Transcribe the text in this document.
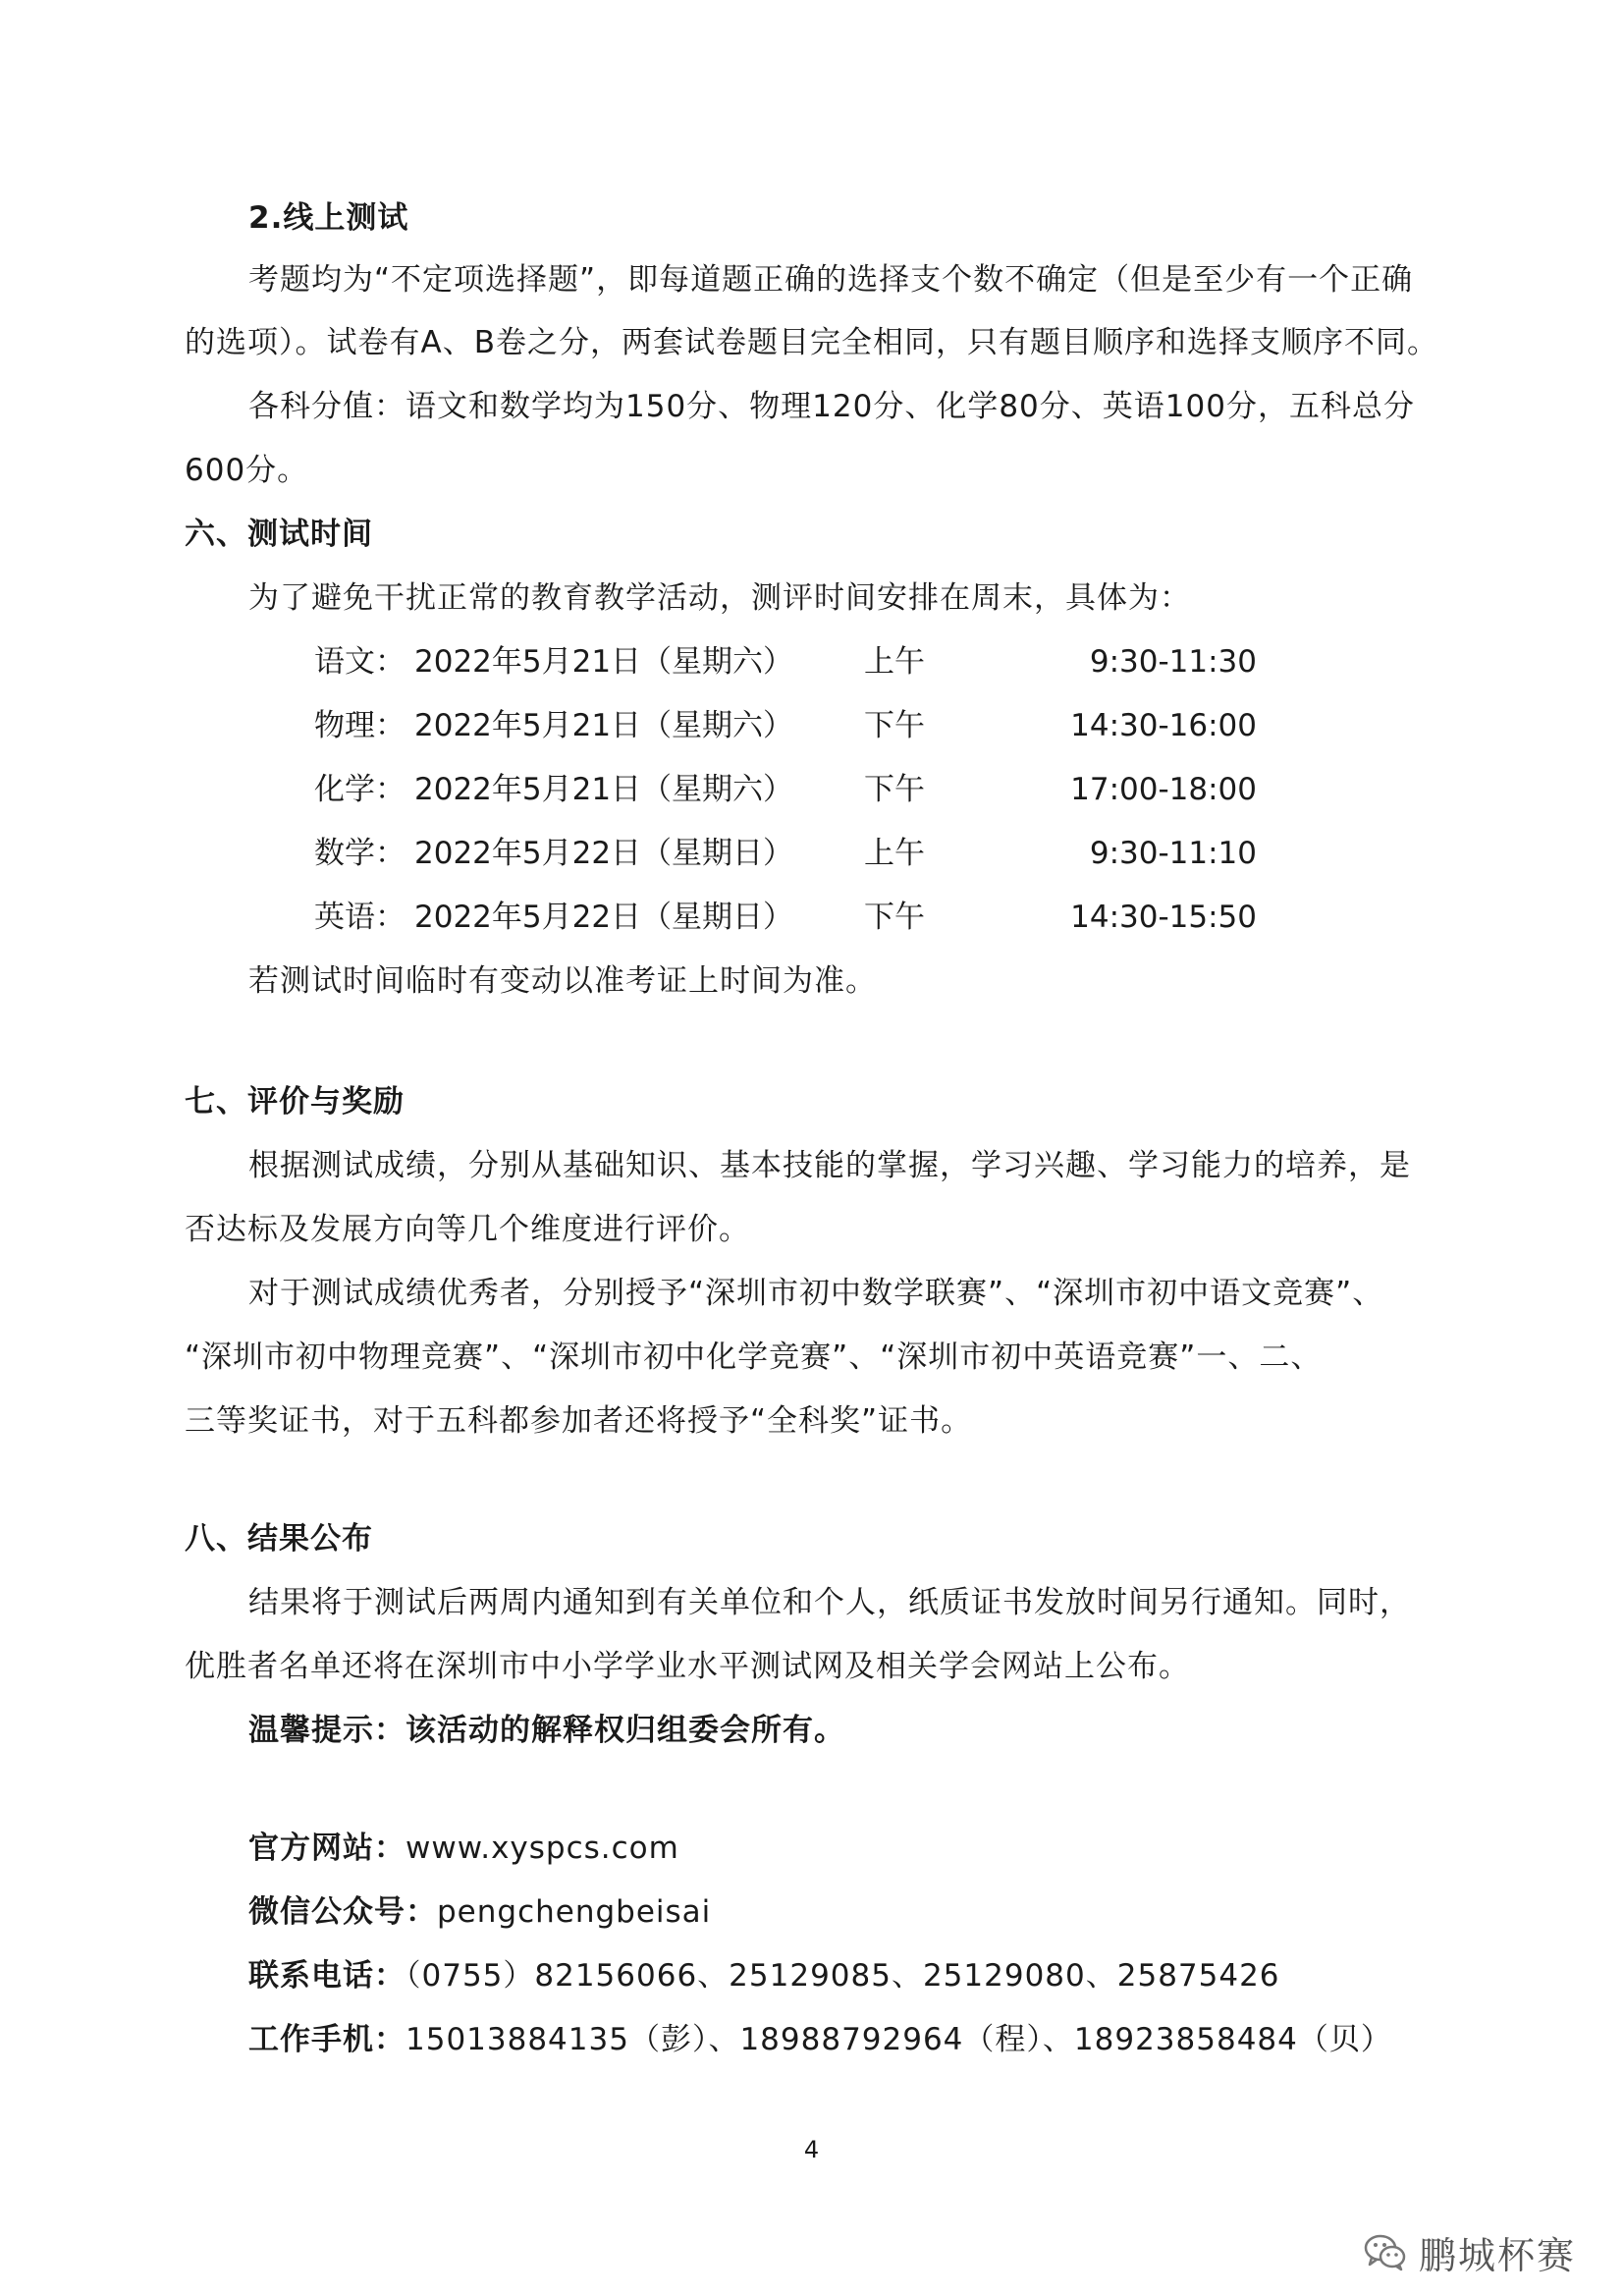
2.线上测试
考题均为“不定项选择题”，即每道题正确的选择支个数不确定（但是至少有一个正确
的选项）。试卷有A、B卷之分，两套试卷题目完全相同，只有题目顺序和选择支顺序不同。
各科分值：语文和数学均为150分、物理120分、化学80分、英语100分，五科总分
600分。
六、测试时间
为了避免干扰正常的教育教学活动，测评时间安排在周末，具体为：
语文： 2022年5月21日（星期六） 上午	9:30-11:30
物理： 2022年5月21日（星期六） 下午	14:30-16:00
化学： 2022年5月21日（星期六） 下午	17:00-18:00
数学： 2022年5月22日（星期日） 上午	9:30-11:10
英语： 2022年5月22日（星期日） 下午	14:30-15:50
若测试时间临时有变动以准考证上时间为准。
七、评价与奖励
根据测试成绩，分别从基础知识、基本技能的掌握，学习兴趣、学习能力的培养，是
否达标及发展方向等几个维度进行评价。
对于测试成绩优秀者，分别授予“深圳市初中数学联赛”、“深圳市初中语文竞赛”、
“深圳市初中物理竞赛”、“深圳市初中化学竞赛”、“深圳市初中英语竞赛”一、二、
三等奖证书，对于五科都参加者还将授予“全科奖”证书。
八、结果公布
结果将于测试后两周内通知到有关单位和个人，纸质证书发放时间另行通知。同时，
优胜者名单还将在深圳市中小学学业水平测试网及相关学会网站上公布。
温馨提示：该活动的解释权归组委会所有。
官方网站：www.xyspcs.com
微信公众号：pengchengbeisai
联系电话：（0755）82156066、25129085、25129080、25875426
工作手机：15013884135（彭）、18988792964（程）、18923858484（贝）
4
鹏城杯赛
